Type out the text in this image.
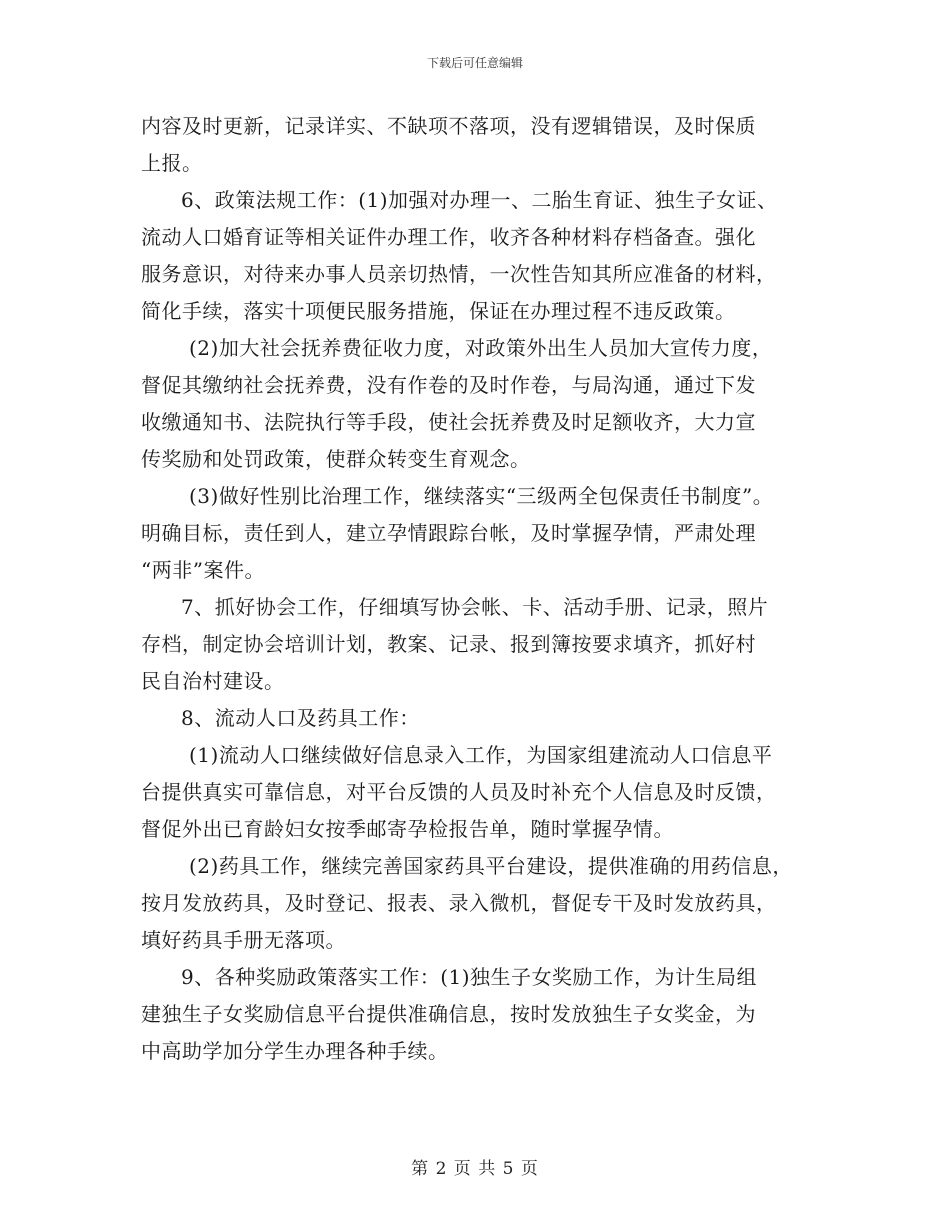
下载后可任意编辑
内容及时更新，记录详实、不缺项不落项，没有逻辑错误，及时保质
上报。
6、政策法规工作：(1)加强对办理一、二胎生育证、独生子女证、
流动人口婚育证等相关证件办理工作，收齐各种材料存档备查。强化
服务意识，对待来办事人员亲切热情，一次性告知其所应准备的材料，
简化手续，落实十项便民服务措施，保证在办理过程不违反政策。
(2)加大社会抚养费征收力度，对政策外出生人员加大宣传力度，
督促其缴纳社会抚养费，没有作卷的及时作卷，与局沟通，通过下发
收缴通知书、法院执行等手段，使社会抚养费及时足额收齐，大力宣
传奖励和处罚政策，使群众转变生育观念。
(3)做好性别比治理工作，继续落实“三级两全包保责任书制度”。
明确目标，责任到人，建立孕情跟踪台帐，及时掌握孕情，严肃处理
“两非”案件。
7、抓好协会工作，仔细填写协会帐、卡、活动手册、记录，照片
存档，制定协会培训计划，教案、记录、报到簿按要求填齐，抓好村
民自治村建设。
8、流动人口及药具工作：
(1)流动人口继续做好信息录入工作，为国家组建流动人口信息平
台提供真实可靠信息，对平台反馈的人员及时补充个人信息及时反馈，
督促外出已育龄妇女按季邮寄孕检报告单，随时掌握孕情。
(2)药具工作，继续完善国家药具平台建设，提供准确的用药信息，
按月发放药具，及时登记、报表、录入微机，督促专干及时发放药具，
填好药具手册无落项。
9、各种奖励政策落实工作：(1)独生子女奖励工作，为计生局组
建独生子女奖励信息平台提供准确信息，按时发放独生子女奖金，为
中高助学加分学生办理各种手续。
第 2 页 共 5 页
